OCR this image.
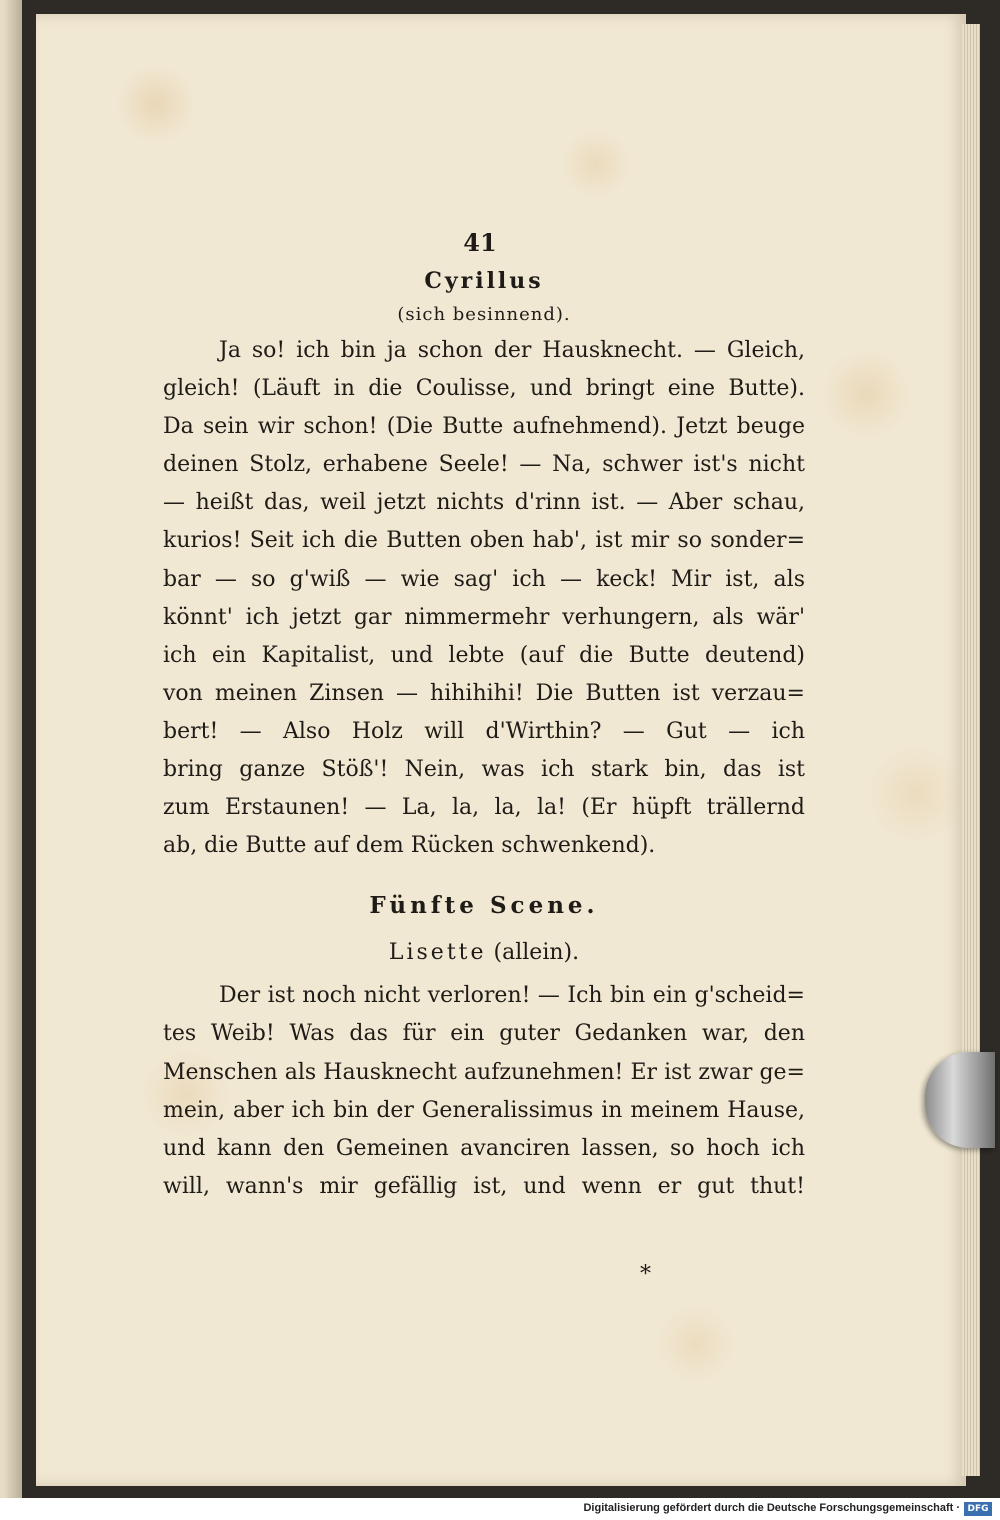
41
Cyrillus
(sich besinnend).
Ja so! ich bin ja schon der Hausknecht. — Gleich,
gleich! (Läuft in die Coulisse, und bringt eine Butte).
Da sein wir schon! (Die Butte aufnehmend). Jetzt beuge
deinen Stolz, erhabene Seele! — Na, schwer ist's nicht
— heißt das, weil jetzt nichts d'rinn ist. — Aber schau,
kurios! Seit ich die Butten oben hab', ist mir so sonder=
bar — so g'wiß — wie sag' ich — keck! Mir ist, als
könnt' ich jetzt gar nimmermehr verhungern, als wär'
ich ein Kapitalist, und lebte (auf die Butte deutend)
von meinen Zinsen — hihihihi! Die Butten ist verzau=
bert! — Also Holz will d'Wirthin? — Gut — ich
bring ganze Stöß'! Nein, was ich stark bin, das ist
zum Erstaunen! — La, la, la, la! (Er hüpft trällernd
ab, die Butte auf dem Rücken schwenkend).
Fünfte Scene.
Lisette (allein).
Der ist noch nicht verloren! — Ich bin ein g'scheid=
tes Weib! Was das für ein guter Gedanken war, den
Menschen als Hausknecht aufzunehmen! Er ist zwar ge=
mein, aber ich bin der Generalissimus in meinem Hause,
und kann den Gemeinen avanciren lassen, so hoch ich
will, wann's mir gefällig ist, und wenn er gut thut!
*
Digitalisierung gefördert durch die Deutsche Forschungsgemeinschaft · DFG
